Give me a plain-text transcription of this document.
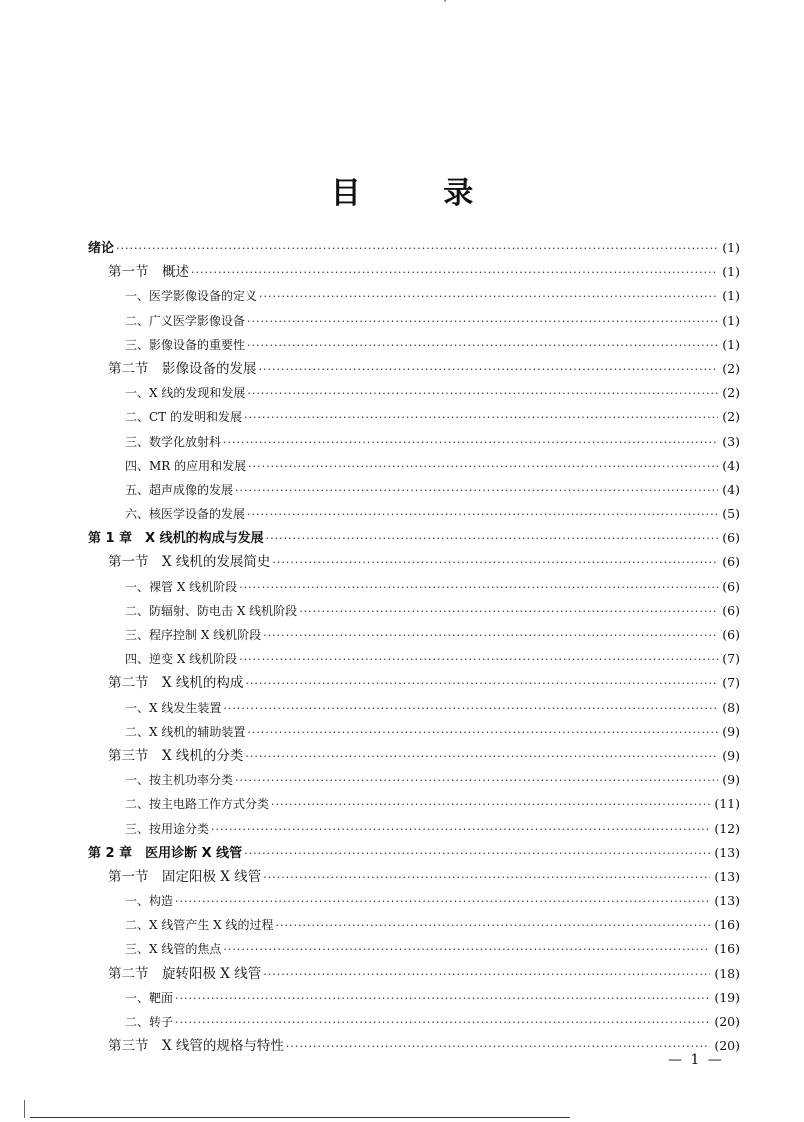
˅
目 录
绪论 ·····	(1)
第一节　概述 ·····	(1)
一、医学影像设备的定义 ·····	(1)
二、广义医学影像设备 ·····	(1)
三、影像设备的重要性 ·····	(1)
第二节　影像设备的发展 ·····	(2)
一、X 线的发现和发展 ·····	(2)
二、CT 的发明和发展 ·····	(2)
三、数学化放射科 ·····	(3)
四、MR 的应用和发展 ·····	(4)
五、超声成像的发展 ·····	(4)
六、核医学设备的发展 ·····	(5)
第 1 章　X 线机的构成与发展 ·····	(6)
第一节　X 线机的发展简史 ·····	(6)
一、裸管 X 线机阶段 ·····	(6)
二、防辐射、防电击 X 线机阶段 ·····	(6)
三、程序控制 X 线机阶段 ·····	(6)
四、逆变 X 线机阶段 ·····	(7)
第二节　X 线机的构成 ·····	(7)
一、X 线发生装置 ·····	(8)
二、X 线机的辅助装置 ·····	(9)
第三节　X 线机的分类 ·····	(9)
一、按主机功率分类 ·····	(9)
二、按主电路工作方式分类 ·····	(11)
三、按用途分类 ·····	(12)
第 2 章　医用诊断 X 线管 ·····	(13)
第一节　固定阳极 X 线管 ·····	(13)
一、构造 ·····	(13)
二、X 线管产生 X 线的过程 ·····	(16)
三、X 线管的焦点 ·····	(16)
第二节　旋转阳极 X 线管 ·····	(18)
一、靶面 ·····	(19)
二、转子 ·····	(20)
第三节　X 线管的规格与特性 ·····	(20)
— 1 —
